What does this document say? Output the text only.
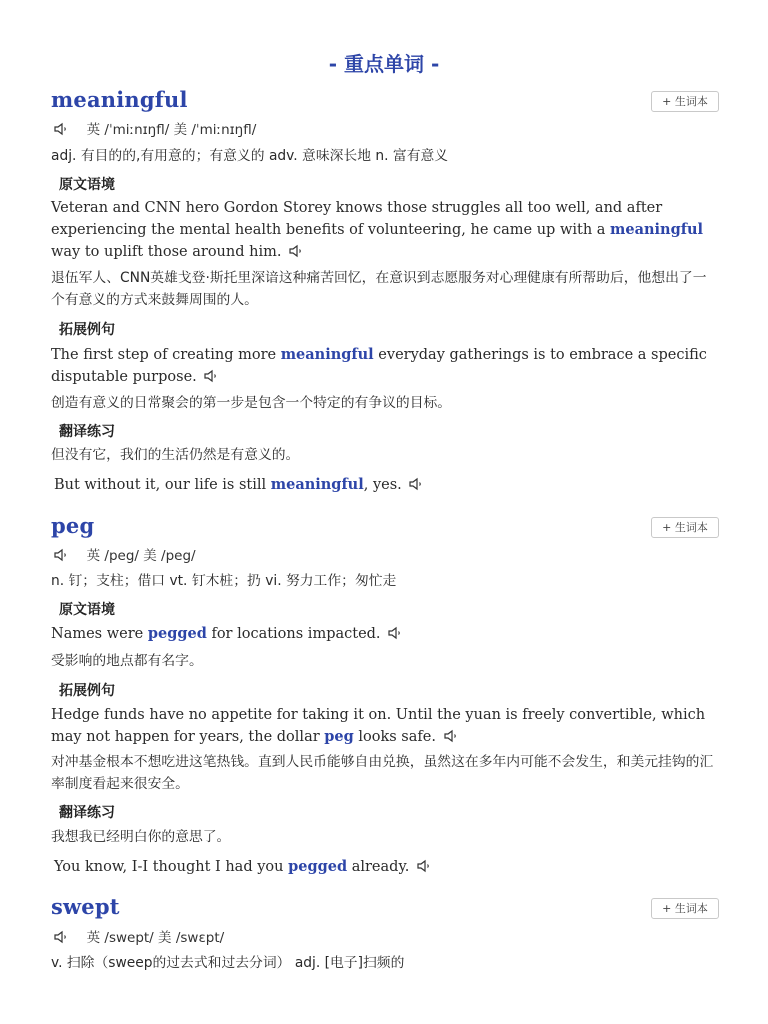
- 重点单词 -
meaningful	+ 生词本
英 /ˈmiːnɪŋfl/ 美 /ˈmiːnɪŋfl/
adj. 有目的的,有用意的；有意义的 adv. 意味深长地 n. 富有意义
原文语境
Veteran and CNN hero Gordon Storey knows those struggles all too well, and after experiencing the mental health benefits of volunteering, he came up with a meaningful way to uplift those around him.
退伍军人、CNN英雄戈登·斯托里深谙这种痛苦回忆，在意识到志愿服务对心理健康有所帮助后，他想出了一个有意义的方式来鼓舞周围的人。
拓展例句
The first step of creating more meaningful everyday gatherings is to embrace a specific disputable purpose.
创造有意义的日常聚会的第一步是包含一个特定的有争议的目标。
翻译练习
但没有它，我们的生活仍然是有意义的。
But without it, our life is still meaningful, yes.
peg	+ 生词本
英 /peg/ 美 /peg/
n. 钉；支柱；借口 vt. 钉木桩；扔 vi. 努力工作；匆忙走
原文语境
Names were pegged for locations impacted.
受影响的地点都有名字。
拓展例句
Hedge funds have no appetite for taking it on. Until the yuan is freely convertible, which may not happen for years, the dollar peg looks safe.
对冲基金根本不想吃进这笔热钱。直到人民币能够自由兑换，虽然这在多年内可能不会发生，和美元挂钩的汇率制度看起来很安全。
翻译练习
我想我已经明白你的意思了。
You know, I-I thought I had you pegged already.
swept	+ 生词本
英 /swept/ 美 /swɛpt/
v. 扫除（sweep的过去式和过去分词） adj. [电子]扫频的
